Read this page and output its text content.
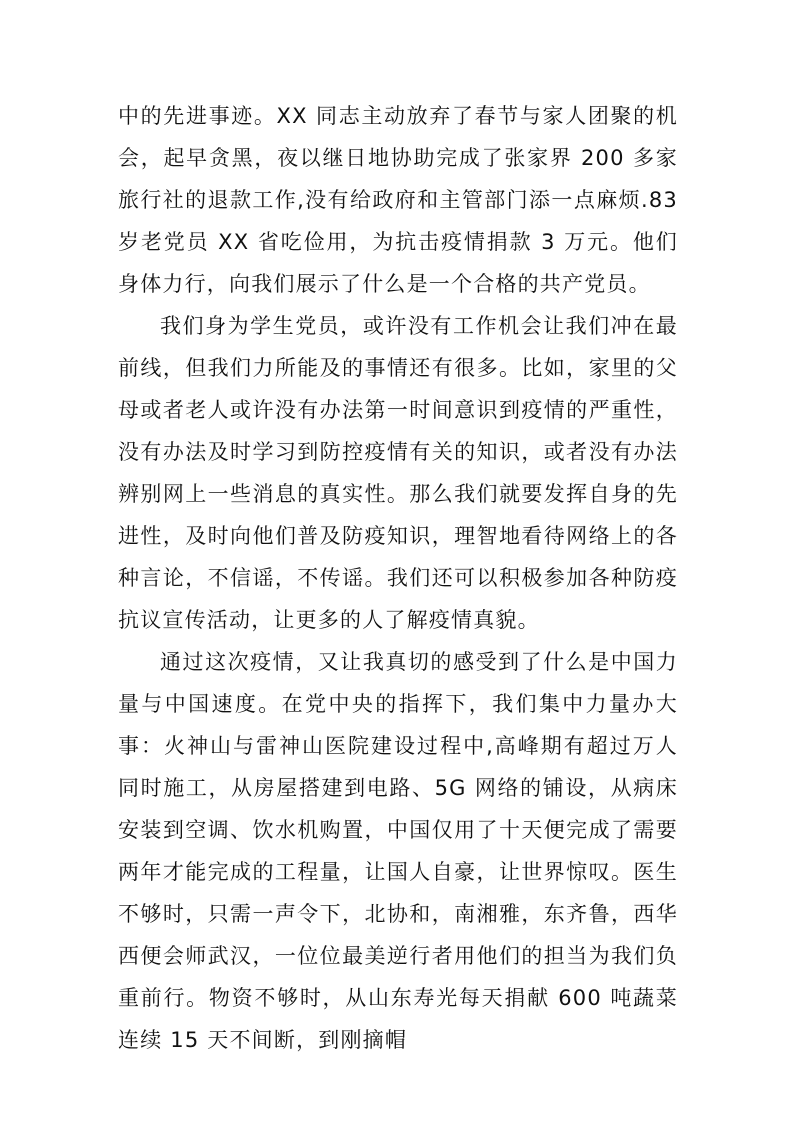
中的先进事迹。XX 同志主动放弃了春节与家人团聚的机会，起早贪黑，夜以继日地协助完成了张家界 200 多家旅行社的退款工作,没有给政府和主管部门添一点麻烦.83 岁老党员 XX 省吃俭用，为抗击疫情捐款 3 万元。他们身体力行，向我们展示了什么是一个合格的共产党员。

我们身为学生党员，或许没有工作机会让我们冲在最前线，但我们力所能及的事情还有很多。比如，家里的父母或者老人或许没有办法第一时间意识到疫情的严重性，没有办法及时学习到防控疫情有关的知识，或者没有办法辨别网上一些消息的真实性。那么我们就要发挥自身的先进性，及时向他们普及防疫知识，理智地看待网络上的各种言论，不信谣，不传谣。我们还可以积极参加各种防疫抗议宣传活动，让更多的人了解疫情真貌。

通过这次疫情，又让我真切的感受到了什么是中国力量与中国速度。在党中央的指挥下，我们集中力量办大事：火神山与雷神山医院建设过程中,高峰期有超过万人同时施工，从房屋搭建到电路、5G 网络的铺设，从病床安装到空调、饮水机购置，中国仅用了十天便完成了需要两年才能完成的工程量，让国人自豪，让世界惊叹。医生不够时，只需一声令下，北协和，南湘雅，东齐鲁，西华西便会师武汉，一位位最美逆行者用他们的担当为我们负重前行。物资不够时，从山东寿光每天捐献 600 吨蔬菜连续 15 天不间断，到刚摘帽
